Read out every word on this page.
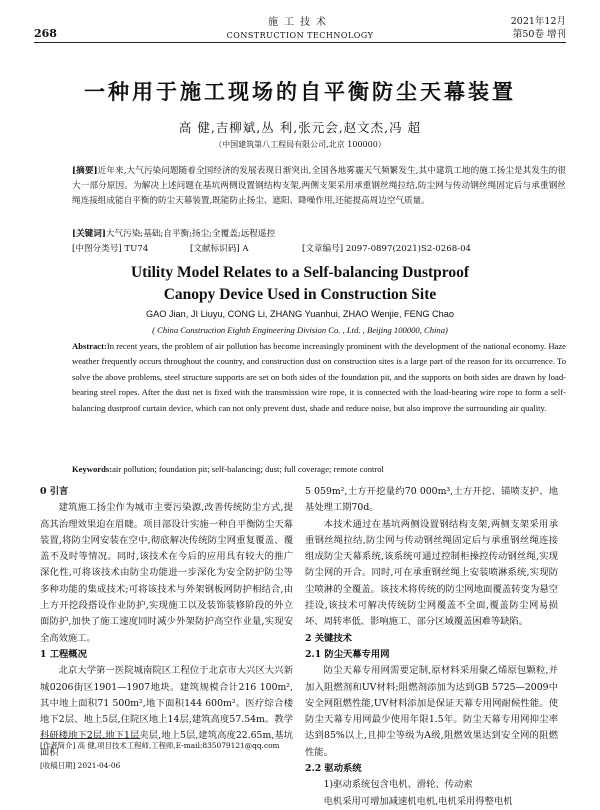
268
施工技术
CONSTRUCTION TECHNOLOGY
2021年12月
第50卷 增刊
一种用于施工现场的自平衡防尘天幕装置
高 健,吉柳斌,丛 利,张元会,赵文杰,冯 超
（中国建筑第八工程局有限公司,北京 100000）
[摘要]近年来,大气污染问题随着全国经济的发展表现日渐突出,全国各地雾霾天气频繁发生,其中建筑工地的施工扬尘是其发生的很大一部分原因。为解决上述问题在基坑两侧设置钢结构支架,两侧支架采用承重钢丝绳拉结,防尘网与传动钢丝绳固定后与承重钢丝绳连接组成能自平衡的防尘天幕装置,既能防止扬尘、遮阳、降噪作用,还能提高周边空气质量。
[关键词]大气污染;基础;自平衡;扬尘;全覆盖;远程遥控
[中图分类号] TU74	[文献标识码] A	[文章编号] 2097-0897(2021)S2-0268-04
Utility Model Relates to a Self-balancing Dustproof Canopy Device Used in Construction Site
GAO Jian, JI Liuyu, CONG Li, ZHANG Yuanhui, ZHAO Wenjie, FENG Chao
( China Construction Eighth Engineering Division Co. , Ltd. , Beijing 100000, China)
Abstract:In recent years, the problem of air pollution has become increasingly prominent with the development of the national economy. Haze weather frequently occurs throughout the country, and construction dust on construction sites is a large part of the reason for its occurrence. To solve the above problems, steel structure supports are set on both sides of the foundation pit, and the supports on both sides are drawn by load-bearing steel ropes. After the dust net is fixed with the transmission wire rope, it is connected with the load-bearing wire rope to form a self-balancing dustproof curtain device, which can not only prevent dust, shade and reduce noise, but also improve the surrounding air quality.
Keywords:air pollution; foundation pit; self-balancing; dust; full coverage; remote control
0 引言

建筑施工扬尘作为城市主要污染源,改善传统防尘方式,提高其治理效果迫在眉睫。项目部设计实施一种自平衡防尘天幕装置,将防尘网安装在空中,彻底解决传统防尘网重复覆盖、覆盖不及时等情况。同时,该技术在今后的应用具有较大的推广深化性,可将该技术由防尘功能进一步深化为安全防护防尘等多种功能的集成技术;可将该技术与外架钢板网防护相结合,由上方开挖段搭设作业防护,实现施工以及装饰装修阶段的外立面防护,加快了施工速度同时减少外架防护高空作业量,实现安全高效施工。

1 工程概况

北京大学第一医院城南院区工程位于北京市大兴区大兴新城0206街区1901—1907地块。建筑规模合计216 100m²,其中地上面积71 500m²,地下面积144 600m²。医疗综合楼地下2层、地上5层,住院区地上14层,建筑高度57.54m。教学科研楼地下2层,地下1层夹层,地上5层,建筑高度22.65m,基坑面积

5 059m²,土方开挖量约70 000m³,土方开挖、锚喷支护、地基处理工期70d。

本技术通过在基坑两侧设置钢结构支架,两侧支架采用承重钢丝绳拉结,防尘网与传动钢丝绳固定后与承重钢丝绳连接组成防尘天幕系统,该系统可通过控制柜操控传动钢丝绳,实现防尘网的开合。同时,可在承重钢丝绳上安装喷淋系统,实现防尘喷淋的全覆盖。该技术将传统的防尘网地面覆盖转变为悬空挂设,该技术可解决传统防尘网覆盖不全面,覆盖防尘网易损坏、周转率低、影响施工、部分区域覆盖困难等缺陷。

2 关键技术
2.1 防尘天幕专用网

防尘天幕专用网需要定制,原材料采用聚乙烯原包颗粒,并加入阻燃剂和UV材料;阻燃剂添加为达到GB 5725—2009中安全网阻燃性能,UV材料添加是保证天幕专用网耐候性能。使防尘天幕专用网最少使用年限1.5年。防尘天幕专用网抑尘率达到85%以上,且抑尘等级为A级,阻燃效果达到安全网的阻燃性能。

2.2 驱动系统

1)驱动系统包含电机、滑轮、传动索

电机采用可增加减速机电机,电机采用得整电机

[作者简介] 高 健,项目技术工程师,工程师,E-mail:835079121@qq.com
[收稿日期] 2021-04-06
